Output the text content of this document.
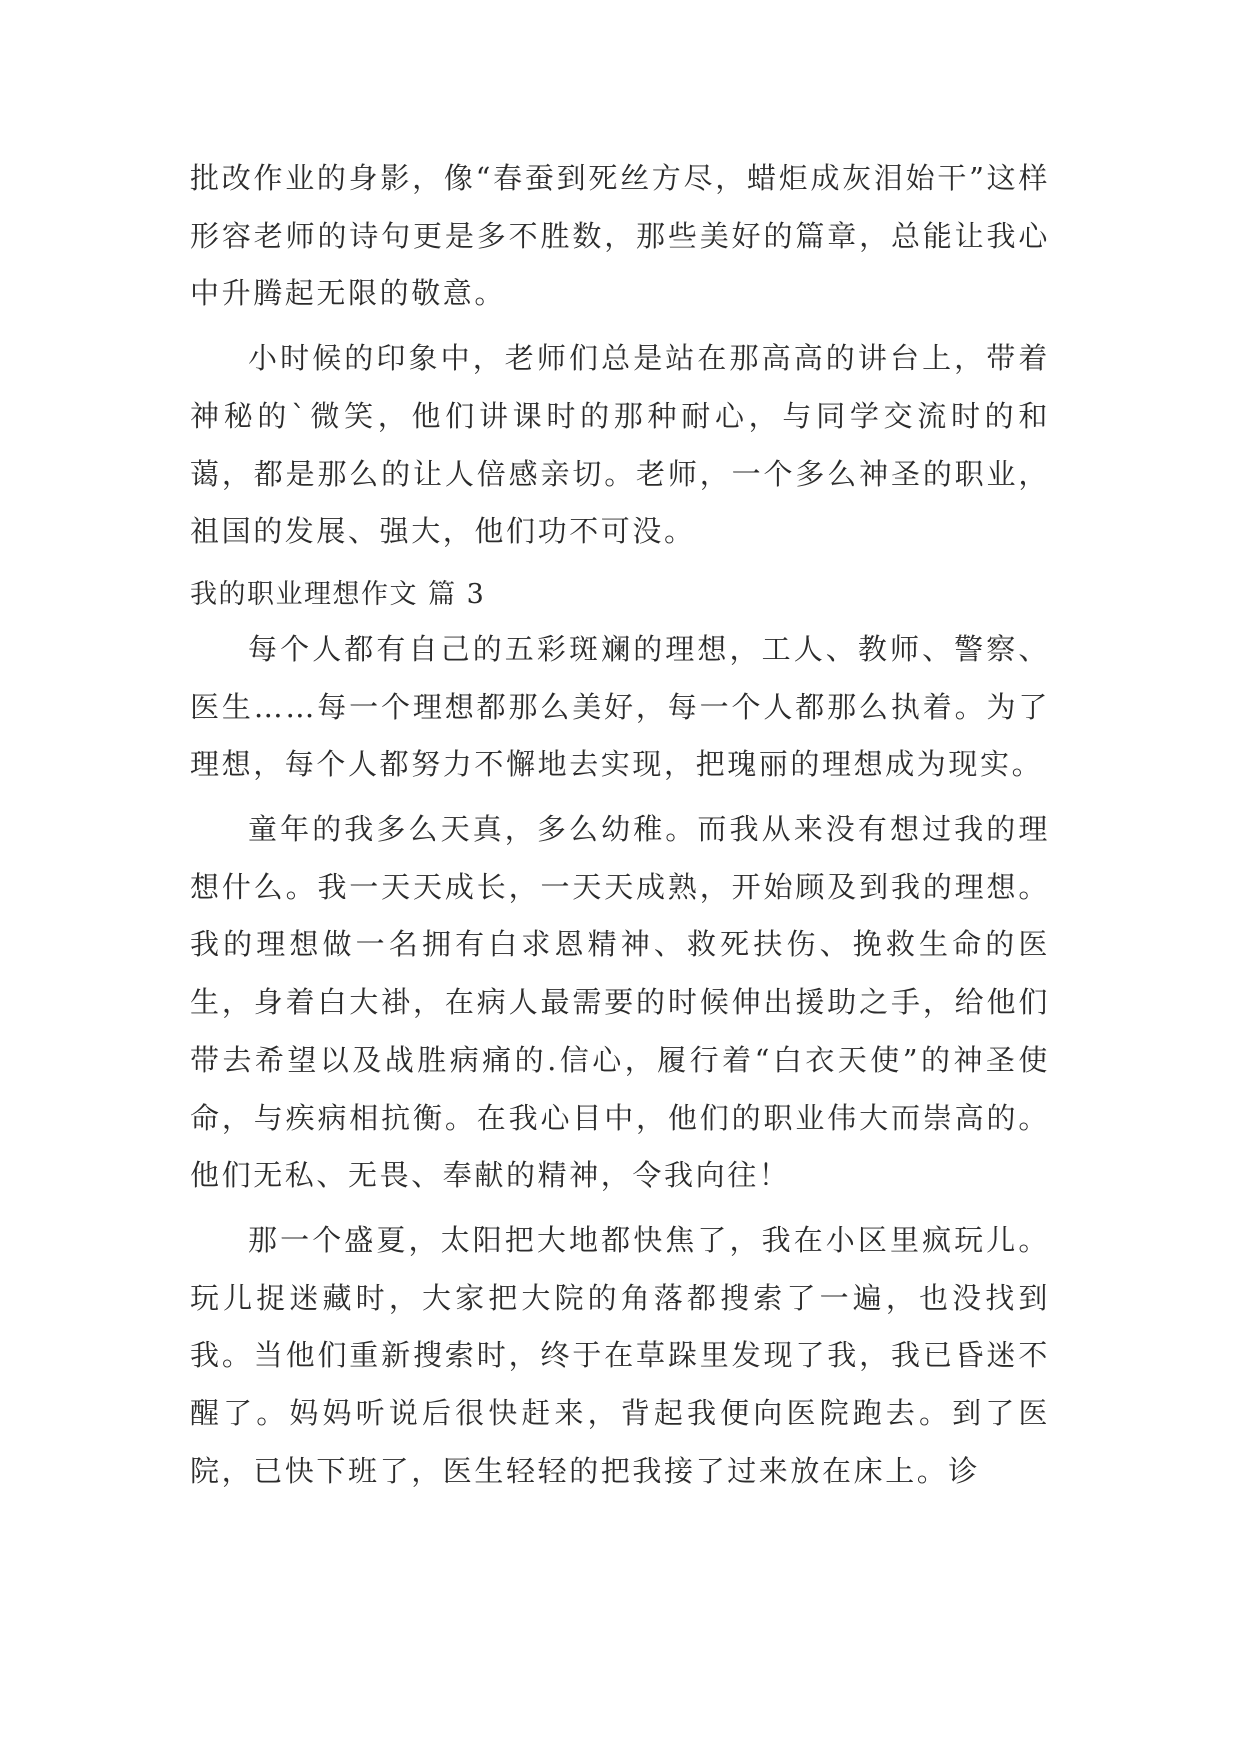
批改作业的身影，像“春蚕到死丝方尽，蜡炬成灰泪始干”这样形容老师的诗句更是多不胜数，那些美好的篇章，总能让我心中升腾起无限的敬意。

小时候的印象中，老师们总是站在那高高的讲台上，带着神秘的`微笑，他们讲课时的那种耐心，与同学交流时的和蔼，都是那么的让人倍感亲切。老师，一个多么神圣的职业，祖国的发展、强大，他们功不可没。

我的职业理想作文 篇 3

每个人都有自己的五彩斑斓的理想，工人、教师、警察、医生……每一个理想都那么美好，每一个人都那么执着。为了理想，每个人都努力不懈地去实现，把瑰丽的理想成为现实。

童年的我多么天真，多么幼稚。而我从来没有想过我的理想什么。我一天天成长，一天天成熟，开始顾及到我的理想。我的理想做一名拥有白求恩精神、救死扶伤、挽救生命的医生，身着白大褂，在病人最需要的时候伸出援助之手，给他们带去希望以及战胜病痛的.信心，履行着“白衣天使”的神圣使命，与疾病相抗衡。在我心目中，他们的职业伟大而崇高的。他们无私、无畏、奉献的精神，令我向往！

那一个盛夏，太阳把大地都快焦了，我在小区里疯玩儿。玩儿捉迷藏时，大家把大院的角落都搜索了一遍，也没找到我。当他们重新搜索时，终于在草跺里发现了我，我已昏迷不醒了。妈妈听说后很快赶来，背起我便向医院跑去。到了医院，已快下班了，医生轻轻的把我接了过来放在床上。诊
